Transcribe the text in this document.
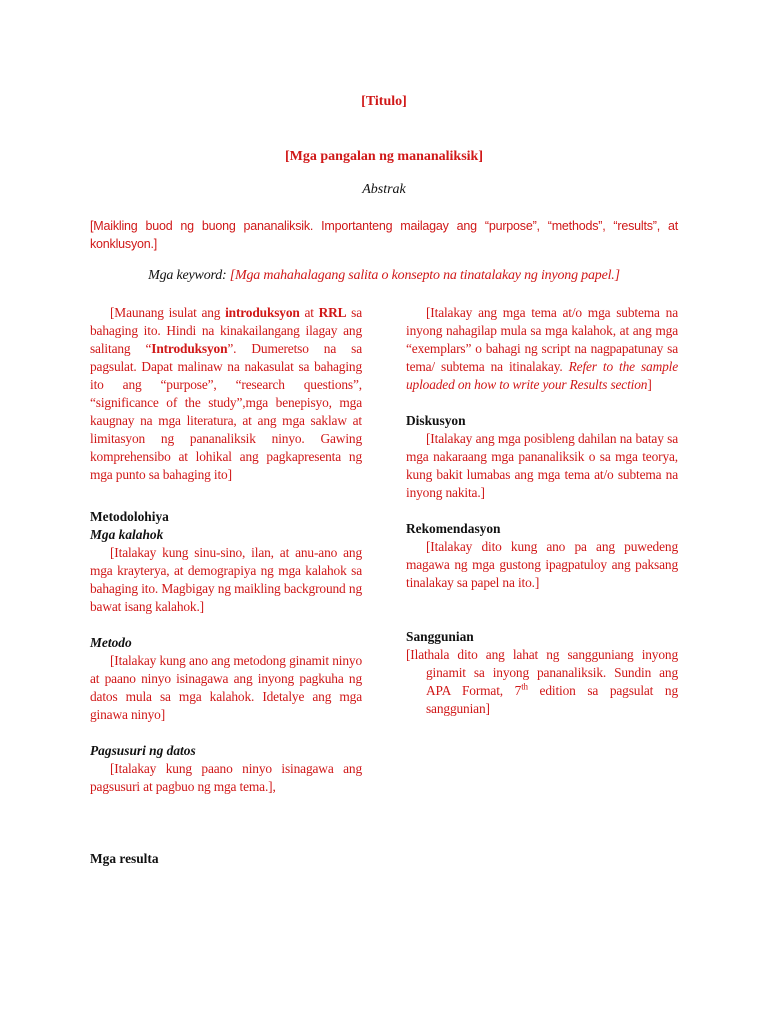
[Titulo]
[Mga pangalan ng mananaliksik]
Abstrak
[Maikling buod ng buong pananaliksik. Importanteng mailagay ang “purpose”, “methods”, “results”, at konklusyon.]
Mga keyword: [Mga mahahalagang salita o konsepto na tinatalakay ng inyong papel.]

[Maunang isulat ang introduksyon at RRL sa bahaging ito. Hindi na kinakailangang ilagay ang salitang “Introduksyon”. Dumeretso na sa pagsulat. Dapat malinaw na nakasulat sa bahaging ito ang “purpose”, “research questions”, “significance of the study”,mga benepisyo, mga kaugnay na mga literatura, at ang mga saklaw at limitasyon ng pananaliksik ninyo. Gawing komprehensibo at lohikal ang pagkapresenta ng mga punto sa bahaging ito]

Metodolohiya

Mga kalahok

[Italakay kung sinu-sino, ilan, at anu-ano ang mga krayterya, at demograpiya ng mga kalahok sa bahaging ito. Magbigay ng maikling background ng bawat isang kalahok.]

Metodo

[Italakay kung ano ang metodong ginamit ninyo at paano ninyo isinagawa ang inyong pagkuha ng datos mula sa mga kalahok. Idetalye ang mga ginawa ninyo]

Pagsusuri ng datos

[Italakay kung paano ninyo isinagawa ang pagsusuri at pagbuo ng mga tema.],

Mga resulta

[Italakay ang mga tema at/o mga subtema na inyong nahagilap mula sa mga kalahok, at ang mga “exemplars” o bahagi ng script na nagpapatunay sa tema/ subtema na itinalakay. Refer to the sample uploaded on how to write your Results section]

Diskusyon

[Italakay ang mga posibleng dahilan na batay sa mga nakaraang mga pananaliksik o sa mga teorya, kung bakit lumabas ang mga tema at/o subtema na inyong nakita.]

Rekomendasyon

[Italakay dito kung ano pa ang puwedeng magawa ng mga gustong ipagpatuloy ang paksang tinalakay sa papel na ito.]

Sanggunian

[Ilathala dito ang lahat ng sangguniang inyong ginamit sa inyong pananaliksik. Sundin ang APA Format, 7th edition sa pagsulat ng sanggunian]
